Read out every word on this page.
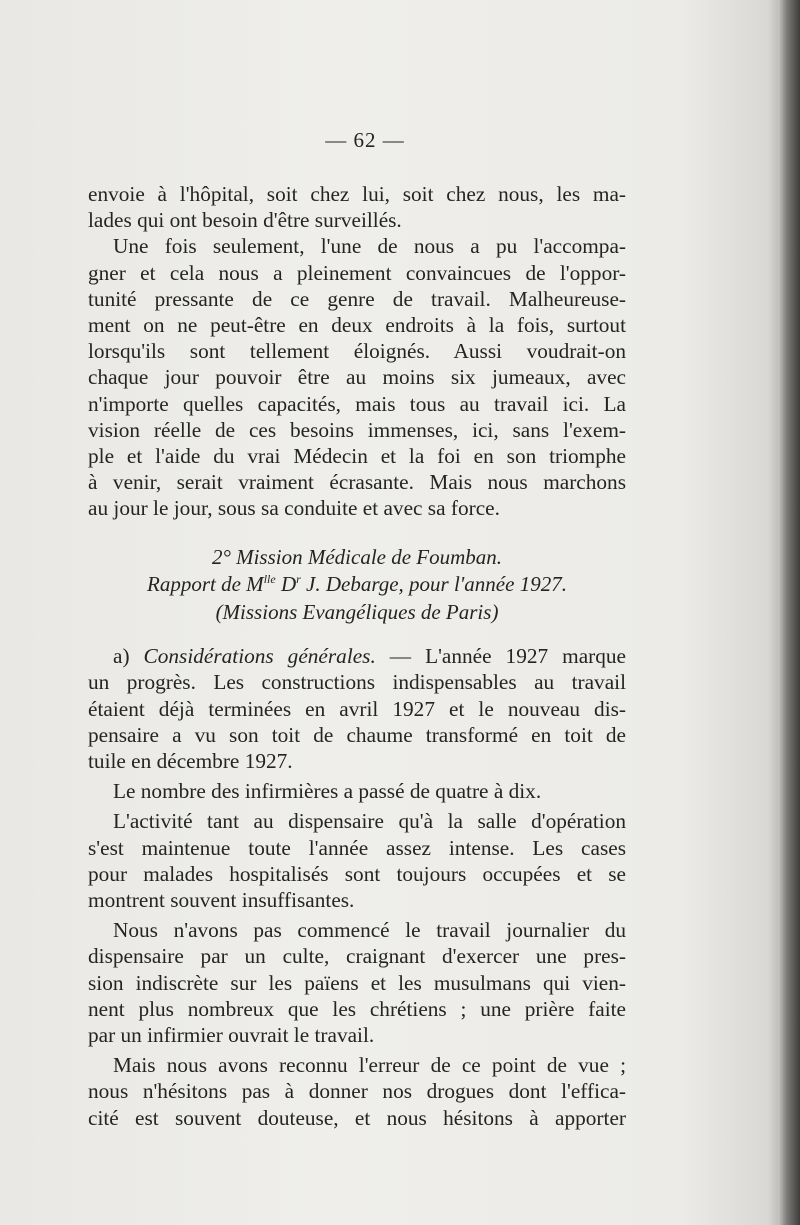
— 62 —

envoie à l'hôpital, soit chez lui, soit chez nous, les ma-

lades qui ont besoin d'être surveillés.

Une fois seulement, l'une de nous a pu l'accompa-

gner et cela nous a pleinement convaincues de l'oppor-

tunité pressante de ce genre de travail. Malheureuse-

ment on ne peut-être en deux endroits à la fois, surtout

lorsqu'ils sont tellement éloignés. Aussi voudrait-on

chaque jour pouvoir être au moins six jumeaux, avec

n'importe quelles capacités, mais tous au travail ici. La

vision réelle de ces besoins immenses, ici, sans l'exem-

ple et l'aide du vrai Médecin et la foi en son triomphe

à venir, serait vraiment écrasante. Mais nous marchons

au jour le jour, sous sa conduite et avec sa force.

2° Mission Médicale de Foumban.

Rapport de $M^{lle}$ $D^r$ J. Debarge, pour l'année 1927.

(Missions Evangéliques de Paris)

a) Considérations générales. — L'année 1927 marque

un progrès. Les constructions indispensables au travail

étaient déjà terminées en avril 1927 et le nouveau dis-

pensaire a vu son toit de chaume transformé en toit de

tuile en décembre 1927.

Le nombre des infirmières a passé de quatre à dix.

L'activité tant au dispensaire qu'à la salle d'opération

s'est maintenue toute l'année assez intense. Les cases

pour malades hospitalisés sont toujours occupées et se

montrent souvent insuffisantes.

Nous n'avons pas commencé le travail journalier du

dispensaire par un culte, craignant d'exercer une pres-

sion indiscrète sur les païens et les musulmans qui vien-

nent plus nombreux que les chrétiens ; une prière faite

par un infirmier ouvrait le travail.

Mais nous avons reconnu l'erreur de ce point de vue ;

nous n'hésitons pas à donner nos drogues dont l'effica-

cité est souvent douteuse, et nous hésitons à apporter
